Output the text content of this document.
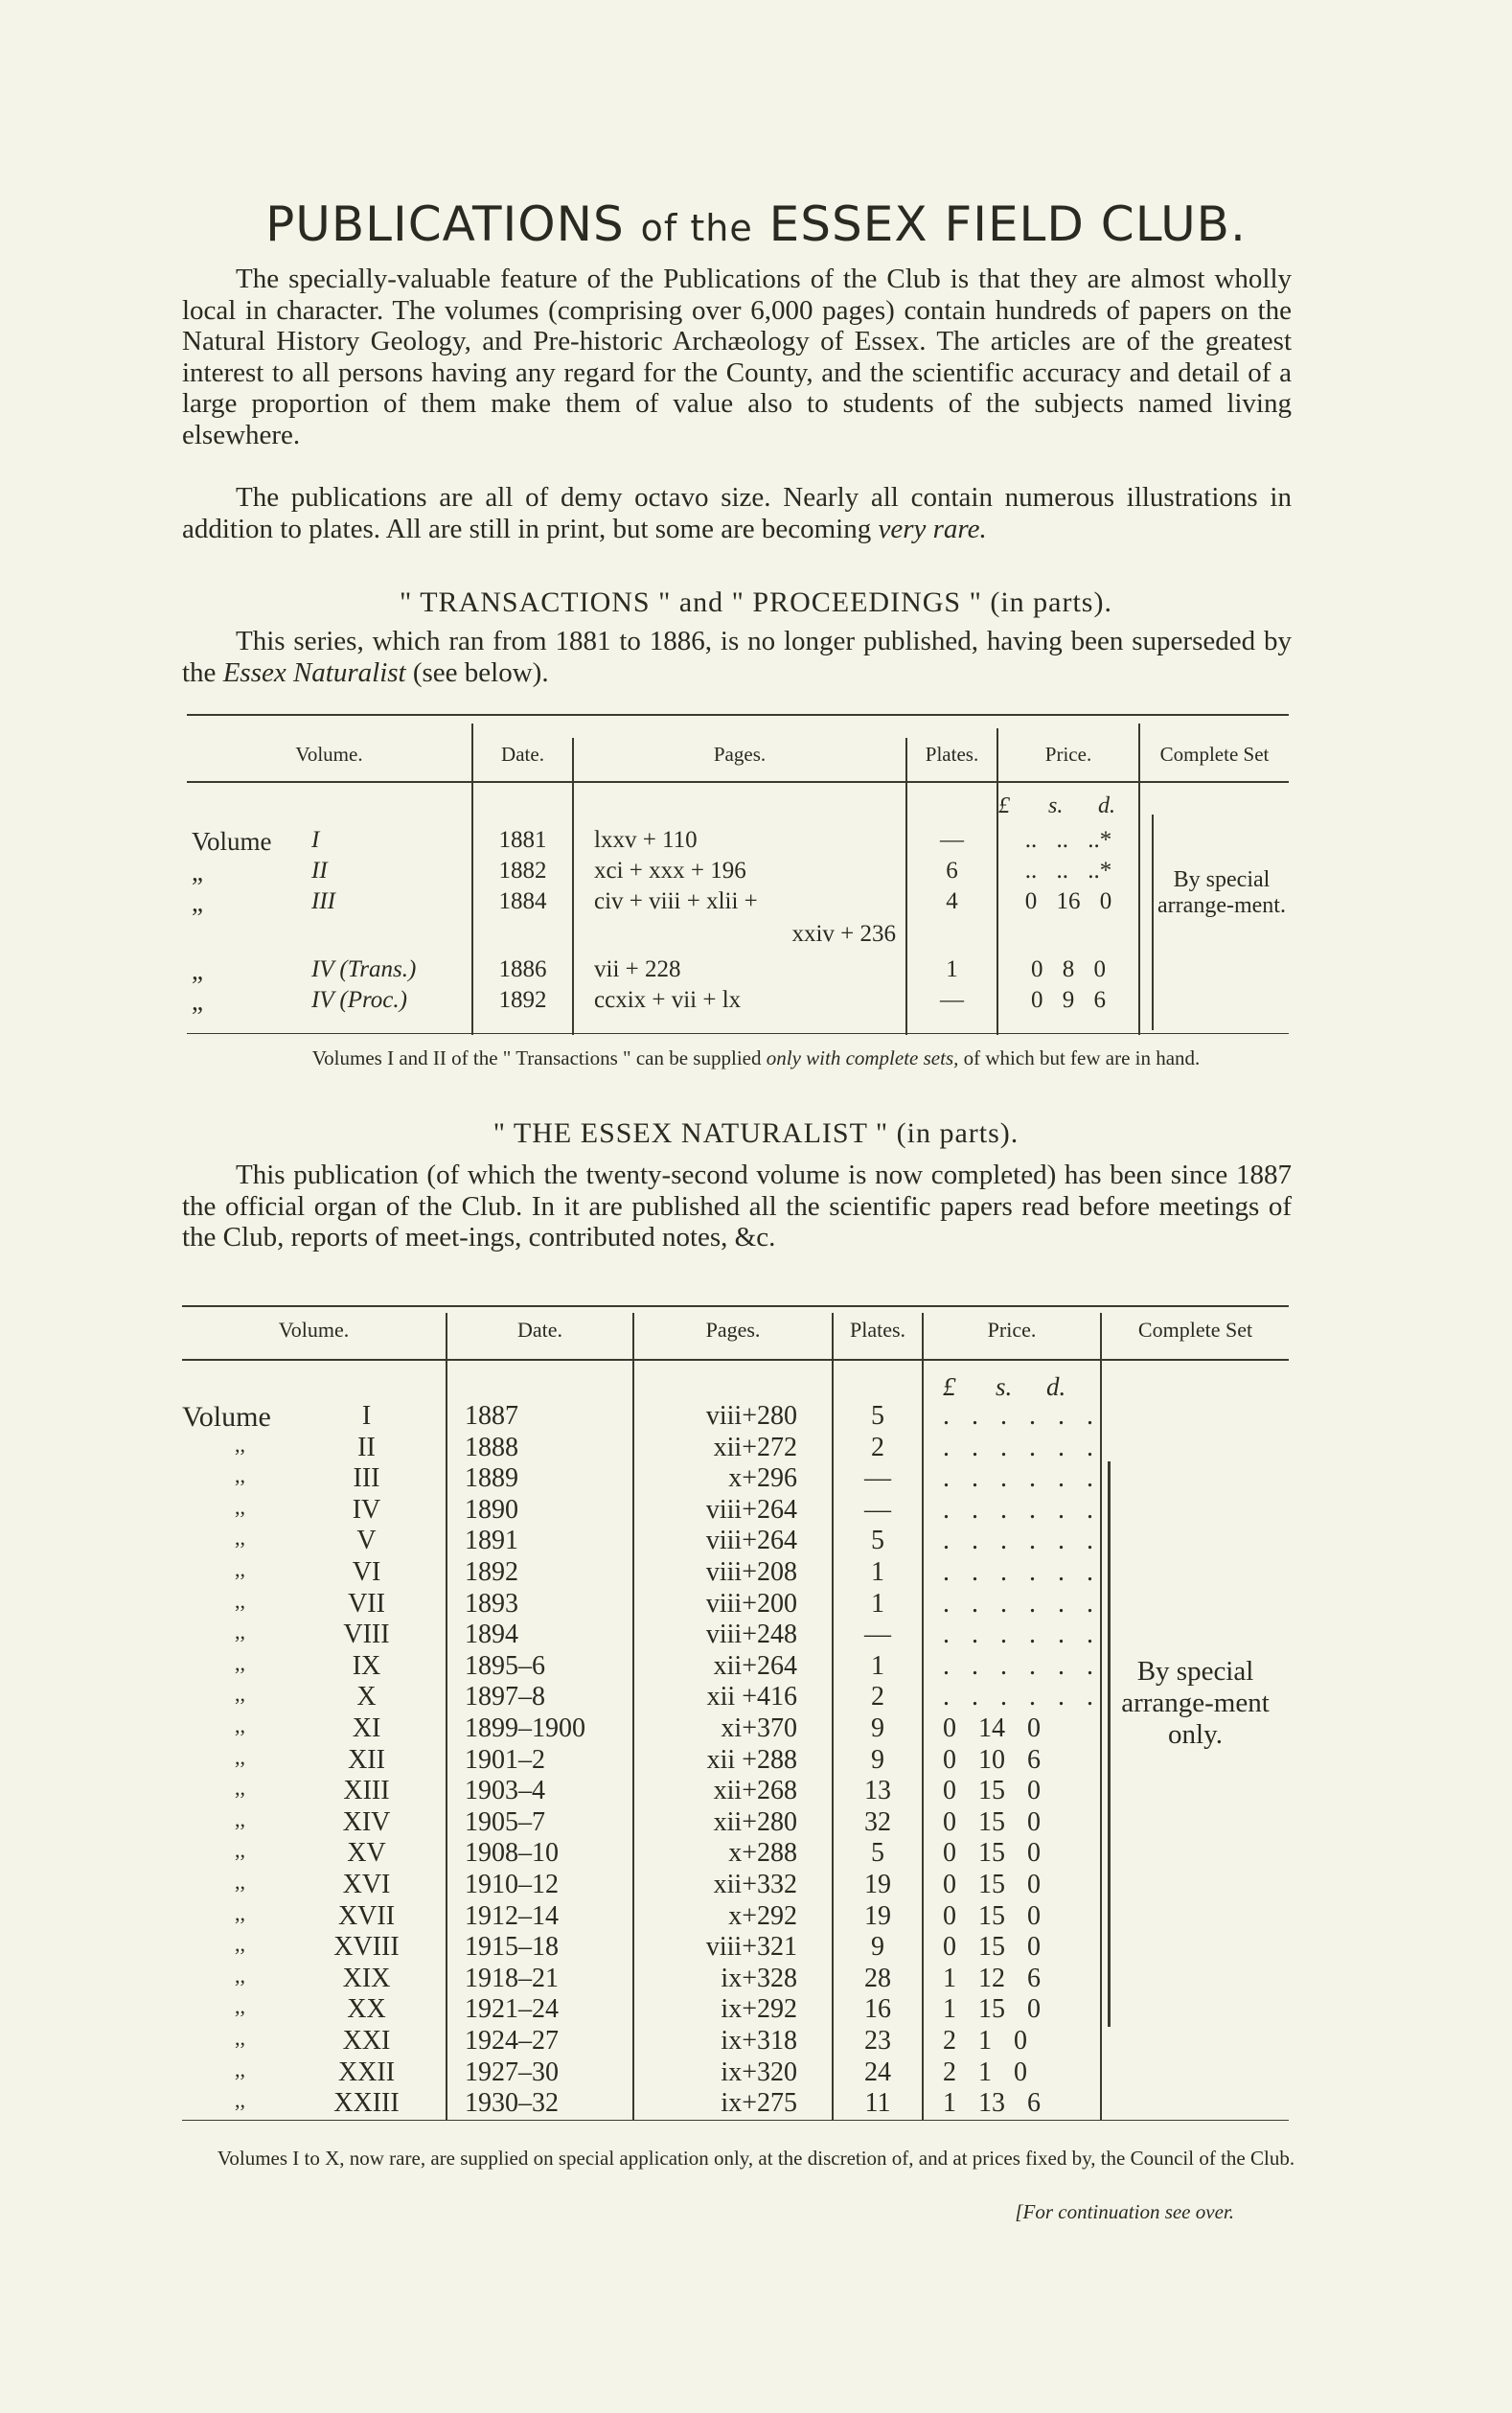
PUBLICATIONS of the ESSEX FIELD CLUB.
The specially-valuable feature of the Publications of the Club is that they are almost wholly local in character. The volumes (comprising over 6,000 pages) contain hundreds of papers on the Natural History Geology, and Pre-historic Archæology of Essex. The articles are of the greatest interest to all persons having any regard for the County, and the scientific accuracy and detail of a large proportion of them make them of value also to students of the subjects named living elsewhere.
The publications are all of demy octavo size. Nearly all contain numerous illustrations in addition to plates. All are still in print, but some are becoming very rare.
" TRANSACTIONS " and " PROCEEDINGS " (in parts).
This series, which ran from 1881 to 1886, is no longer published, having been superseded by the Essex Naturalist (see below).
Volume.	Date.	Pages.	Plates.	Price.	Complete Set
£ s. d.
Volume	I	1881	lxxv + 110	—	.. .. ..*
„	II	1882	xci + xxx + 196	6	.. .. ..*
„	III	1884	civ + viii + xlii +	4	0 16 0
xxiv + 236
„	IV (Trans.)	1886	vii + 228	1	0 8 0
„	IV (Proc.)	1892	ccxix + vii + lx	—	0 9 6
By special arrange-ment.
Volumes I and II of the " Transactions " can be supplied only with complete sets, of which but few are in hand.
" THE ESSEX NATURALIST " (in parts).
This publication (of which the twenty-second volume is now completed) has been since 1887 the official organ of the Club. In it are published all the scientific papers read before meetings of the Club, reports of meet-ings, contributed notes, &c.
Volume.	Date.	Pages.	Plates.	Price.	Complete Set
£ s. d.
Volume	I	1887	viii+280	5	. . . . . .
,,	II	1888	xii+272	2	. . . . . .
,,	III	1889	x+296	—	. . . . . .
,,	IV	1890	viii+264	—	. . . . . .
,,	V	1891	viii+264	5	. . . . . .
,,	VI	1892	viii+208	1	. . . . . .
,,	VII	1893	viii+200	1	. . . . . .
,,	VIII	1894	viii+248	—	. . . . . .
,,	IX	1895–6	xii+264	1	. . . . . .
,,	X	1897–8	xii +416	2	. . . . . .
,,	XI	1899–1900	xi+370	9	0 14 0
,,	XII	1901–2	xii +288	9	0 10 6
,,	XIII	1903–4	xii+268	13	0 15 0
,,	XIV	1905–7	xii+280	32	0 15 0
,,	XV	1908–10	x+288	5	0 15 0
,,	XVI	1910–12	xii+332	19	0 15 0
,,	XVII	1912–14	x+292	19	0 15 0
,,	XVIII	1915–18	viii+321	9	0 15 0
,,	XIX	1918–21	ix+328	28	1 12 6
,,	XX	1921–24	ix+292	16	1 15 0
,,	XXI	1924–27	ix+318	23	2 1 0
,,	XXII	1927–30	ix+320	24	2 1 0
,,	XXIII	1930–32	ix+275	11	1 13 6
By special arrange-ment only.
Volumes I to X, now rare, are supplied on special application only, at the discretion of, and at prices fixed by, the Council of the Club.
[For continuation see over.
